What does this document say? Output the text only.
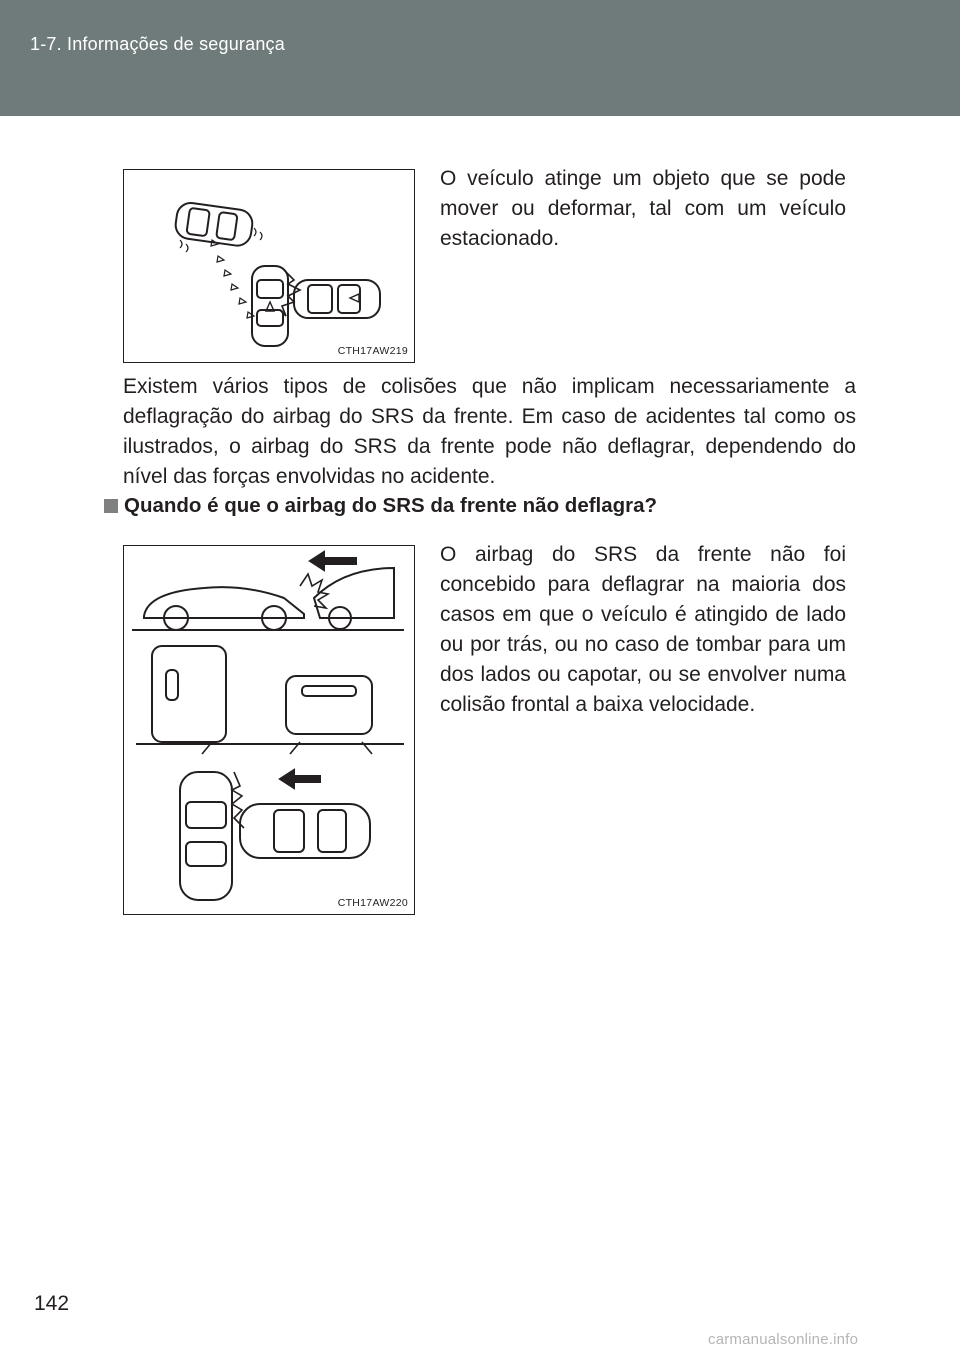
1-7. Informações de segurança
CTH17AW219
O veículo atinge um objeto que se pode mover ou deformar, tal com um veículo estacionado.
Existem vários tipos de colisões que não implicam necessariamente a deflagração do airbag do SRS da frente. Em caso de acidentes tal como os ilustrados, o airbag do SRS da frente pode não deflagrar, dependendo do nível das forças envolvidas no acidente.
Quando é que o airbag do SRS da frente não deflagra?
CTH17AW220
O airbag do SRS da frente não foi concebido para deflagrar na maioria dos casos em que o veículo é atingido de lado ou por trás, ou no caso de tombar para um dos lados ou capotar, ou se envolver numa colisão frontal a baixa velocidade.
142
carmanualsonline.info
